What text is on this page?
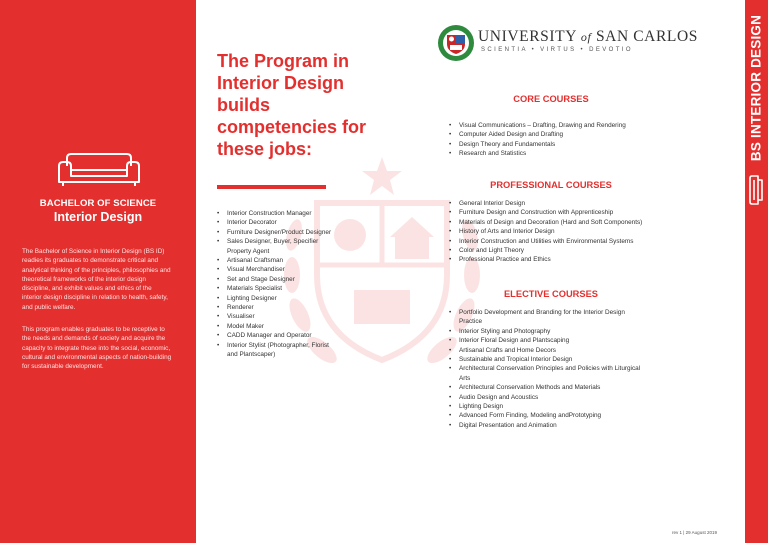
BACHELOR OF SCIENCE
Interior Design
The Bachelor of Science in Interior Design (BS ID) readies its graduates to demonstrate critical and analytical thinking of the principles, philosophies and theoretical frameworks of the interior design discipline, and exhibit values and ethics of the interior design discipline in relation to health, safety, and public welfare.
This program enables graduates to be receptive to the needs and demands of society and acquire the capacity to integrate these into the social, economic, cultural and environmental aspects of nation-building for sustainable development.
The Program in Interior Design builds competencies for these jobs:
• Interior Construction Manager
• Interior Decorator
• Furniture Designer/Product Designer
• Sales Designer, Buyer, Specifier Property Agent
• Artisanal Craftsman
• Visual Merchandiser
• Set and Stage Designer
• Materials Specialist
• Lighting Designer
• Renderer
• Visualiser
• Model Maker
• CADD Manager and Operator
• Interior Stylist (Photographer, Florist and Plantscaper)
UNIVERSITY of SAN CARLOS
SCIENTIA • VIRTUS • DEVOTIO
CORE COURSES
• Visual Communications – Drafting, Drawing and Rendering
• Computer Aided Design and Drafting
• Design Theory and Fundamentals
• Research and Statistics
PROFESSIONAL COURSES
• General Interior Design
• Furniture Design and Construction with Apprenticeship
• Materials of Design and Decoration (Hard and Soft Components)
• History of Arts and Interior Design
• Interior Construction and Utilities with Environmental Systems
• Color and Light Theory
• Professional Practice and Ethics
ELECTIVE COURSES
• Portfolio Development and Branding for the Interior Design Practice
• Interior Styling and Photography
• Interior Floral Design and Plantscaping
• Artisanal Crafts and Home Decors
• Sustainable and Tropical Interior Design
• Architectural Conservation Principles and Policies with Liturgical Arts
• Architectural Conservation Methods and Materials
• Audio Design and Acoustics
• Lighting Design
• Advanced Form Finding, Modeling andPrototyping
• Digital Presentation and Animation
rev 1 | 29 August 2019
BS INTERIOR DESIGN
